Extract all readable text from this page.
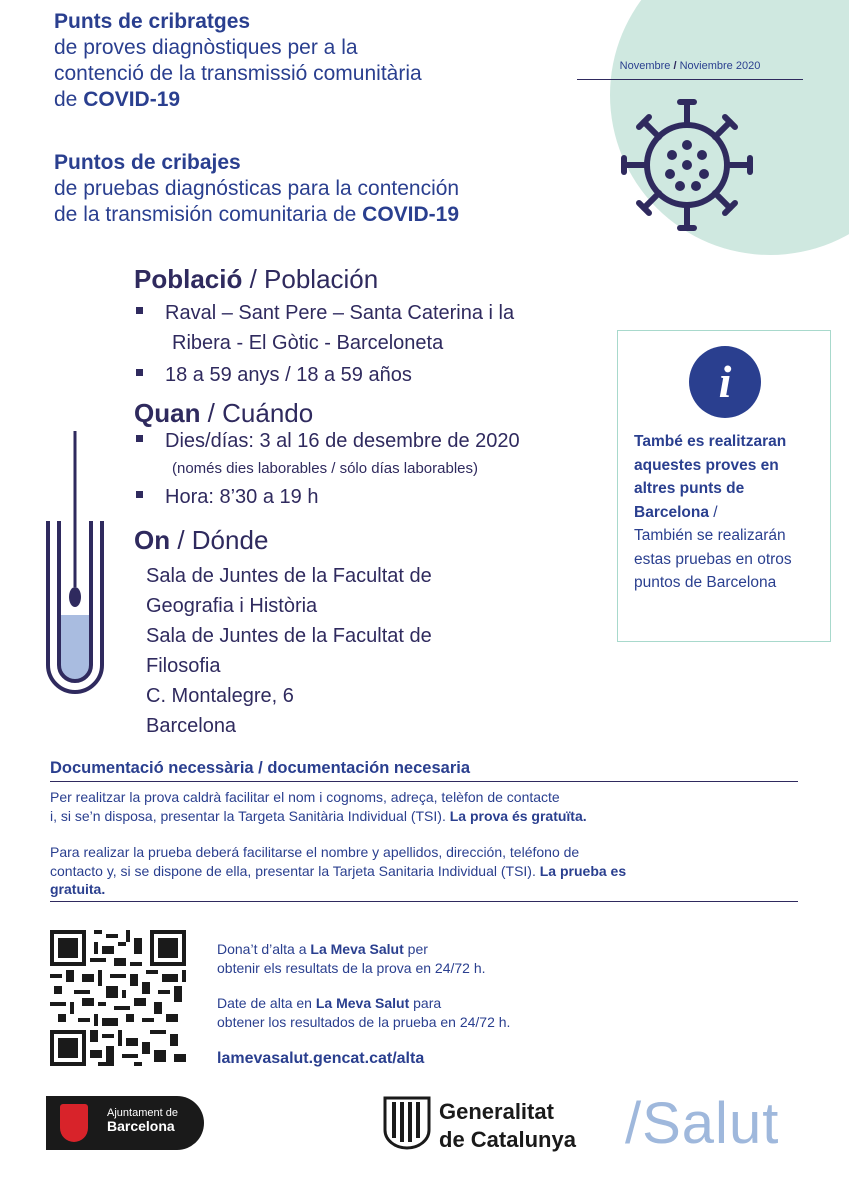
Punts de cribratges
de proves diagnòstiques per a la
contenció de la transmissió comunitària
de COVID-19
Puntos de cribajes
de pruebas diagnósticas para la contención
de la transmisión comunitaria de COVID-19
Novembre / Noviembre 2020
Població / Población
Raval – Sant Pere – Santa Caterina i la
Ribera - El Gòtic - Barceloneta
18 a 59 anys / 18 a 59 años
Quan / Cuándo
Dies/días: 3 al 16 de desembre de 2020
(només dies laborables / sólo días laborables)
Hora: 8’30 a 19 h
On / Dónde
Sala de Juntes de la Facultat de
Geografia i Història
Sala de Juntes de la Facultat de
Filosofia
C. Montalegre, 6
Barcelona
i
També es realitzaran
aquestes proves en
altres punts de
Barcelona /
También se realizarán
estas pruebas en otros
puntos de Barcelona
Documentació necessària / documentación necesaria
Per realitzar la prova caldrà facilitar el nom i cognoms, adreça, telèfon de contacte
i, si se’n disposa, presentar la Targeta Sanitària Individual (TSI). La prova és gratuïta.
Para realizar la prueba deberá facilitarse el nombre y apellidos, dirección, teléfono de
contacto y, si se dispone de ella, presentar la Tarjeta Sanitaria Individual (TSI). La prueba es
gratuita.
Dona’t d’alta a La Meva Salut per
obtenir els resultats de la prova en 24/72 h.
Date de alta en La Meva Salut para
obtener los resultados de la prueba en 24/72 h.
lamevasalut.gencat.cat/alta
Ajuntament de
Barcelona
Generalitat
de Catalunya /Salut
